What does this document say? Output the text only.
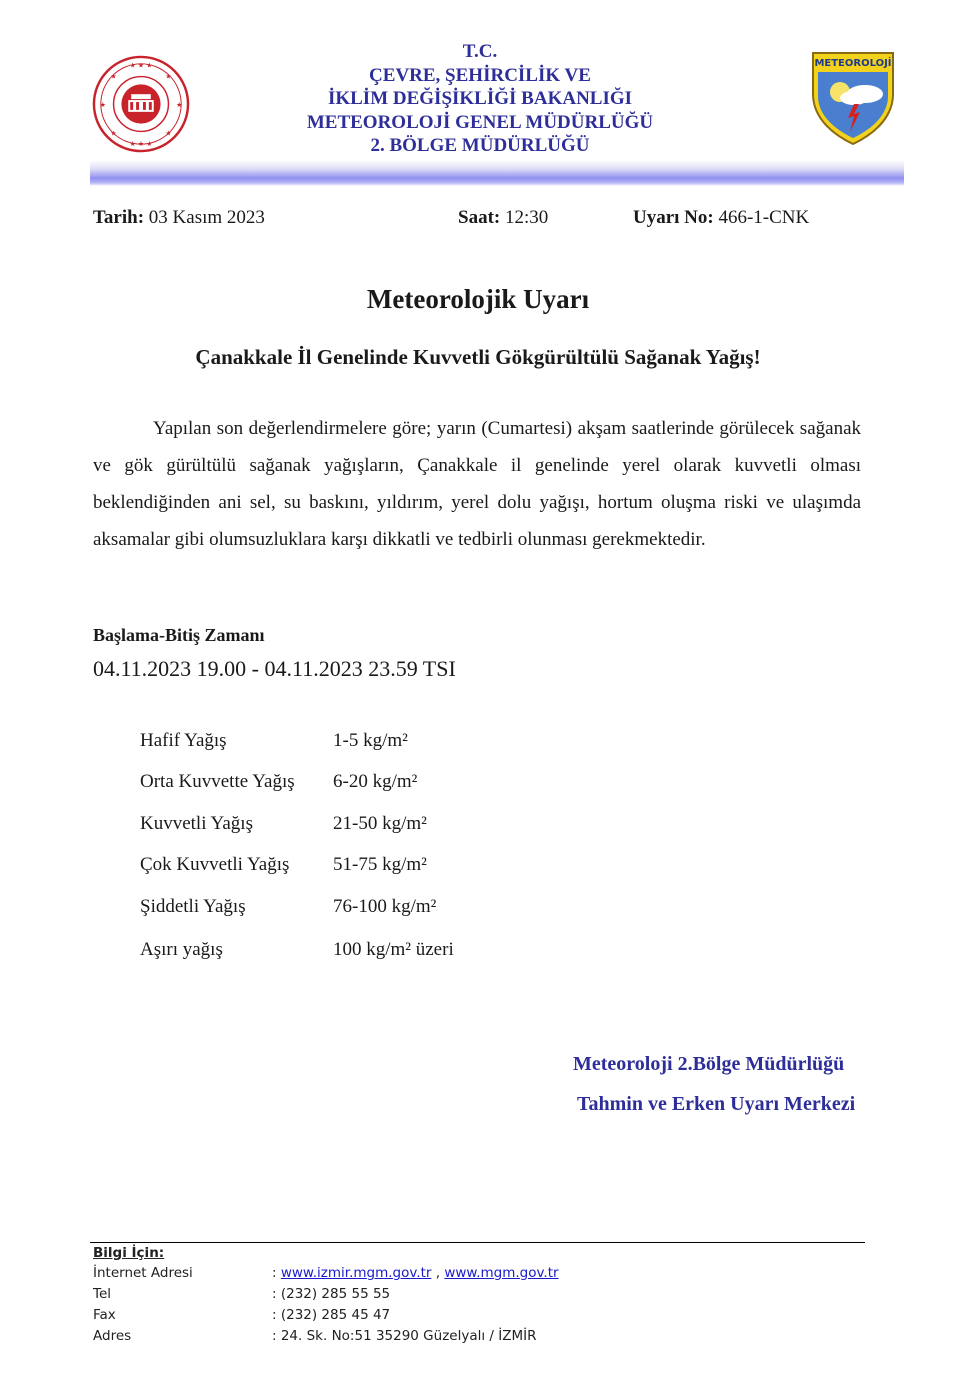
★ ★ ★
★ ★ ★
★	★
★	★
★	★
T.C.
ÇEVRE, ŞEHİRCİLİK VE
İKLİM DEĞİŞİKLİĞİ BAKANLIĞI
METEOROLOJİ GENEL MÜDÜRLÜĞÜ
2. BÖLGE MÜDÜRLÜĞÜ
METEOROLOJİ
Tarih: 03 Kasım 2023	Saat: 12:30	Uyarı No: 466-1-CNK
Meteorolojik Uyarı
Çanakkale İl Genelinde Kuvvetli Gökgürültülü Sağanak Yağış!

Yapılan son değerlendirmelere göre; yarın (Cumartesi) akşam saatlerinde görülecek sağanak ve gök gürültülü sağanak yağışların, Çanakkale il genelinde yerel olarak kuvvetli olması beklendiğinden ani sel, su baskını, yıldırım, yerel dolu yağışı, hortum oluşma riski ve ulaşımda aksamalar gibi olumsuzluklara karşı dikkatli ve tedbirli olunması gerekmektedir.

Başlama-Bitiş Zamanı
04.11.2023 19.00 - 04.11.2023 23.59 TSI
Hafif Yağış	1-5 kg/m²
Orta Kuvvette Yağış 6-20 kg/m²
Kuvvetli Yağış	21-50 kg/m²
Çok Kuvvetli Yağış 51-75 kg/m²
Şiddetli Yağış	76-100 kg/m²
Aşırı yağış	100 kg/m² üzeri
Meteoroloji 2.Bölge Müdürlüğü
Tahmin ve Erken Uyarı Merkezi
Bilgi İçin:
İnternet Adresi	: www.izmir.mgm.gov.tr , www.mgm.gov.tr
Tel	: (232) 285 55 55
Fax	: (232) 285 45 47
Adres	: 24. Sk. No:51 35290 Güzelyalı / İZMİR
